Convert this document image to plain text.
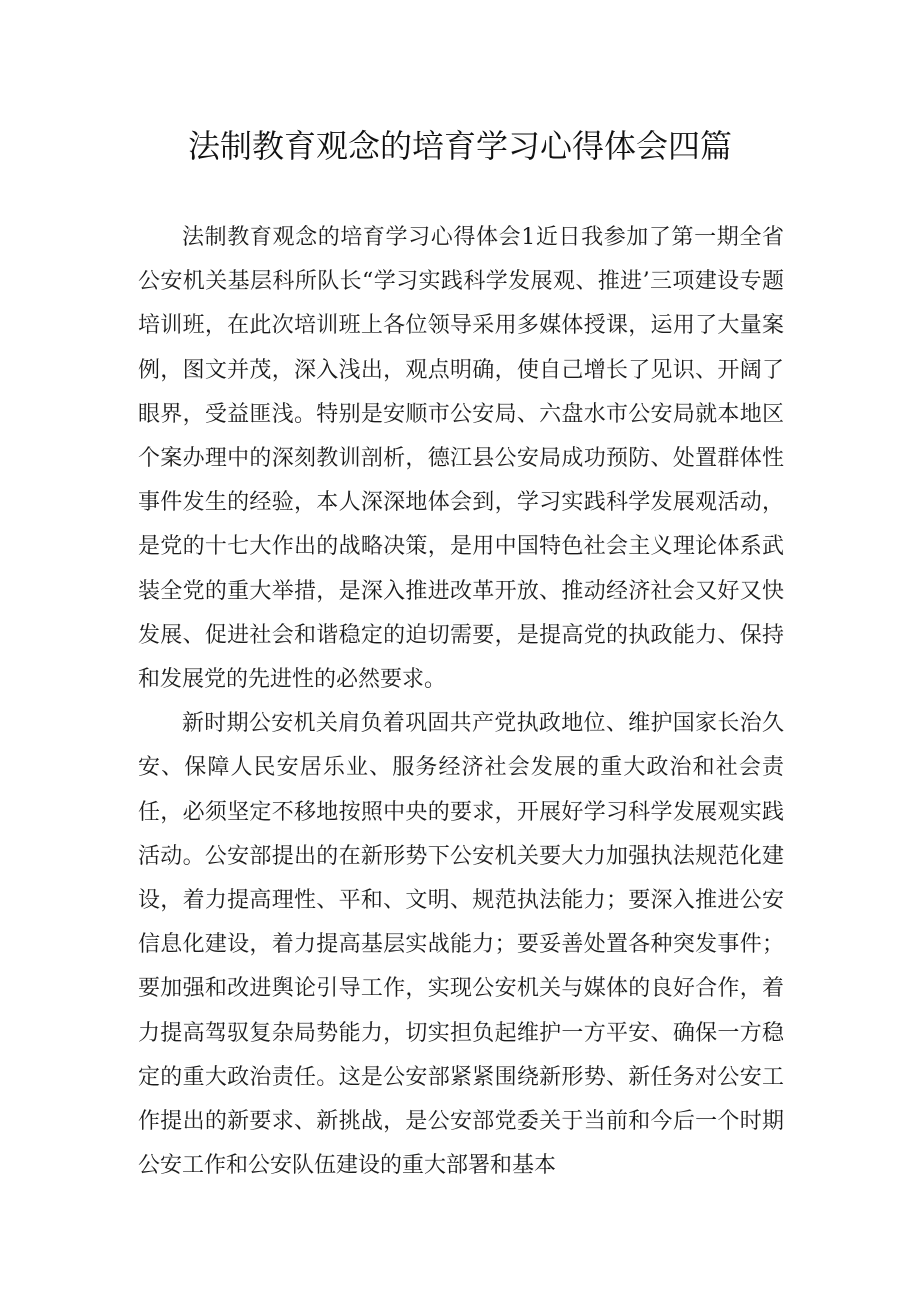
法制教育观念的培育学习心得体会四篇

法制教育观念的培育学习心得体会1近日我参加了第一期全省公安机关基层科所队长“学习实践科学发展观、推进’三项建设专题培训班，在此次培训班上各位领导采用多媒体授课，运用了大量案例，图文并茂，深入浅出，观点明确，使自己增长了见识、开阔了眼界，受益匪浅。特别是安顺市公安局、六盘水市公安局就本地区个案办理中的深刻教训剖析，德江县公安局成功预防、处置群体性事件发生的经验，本人深深地体会到，学习实践科学发展观活动，是党的十七大作出的战略决策，是用中国特色社会主义理论体系武装全党的重大举措，是深入推进改革开放、推动经济社会又好又快发展、促进社会和谐稳定的迫切需要，是提高党的执政能力、保持和发展党的先进性的必然要求。

新时期公安机关肩负着巩固共产党执政地位、维护国家长治久安、保障人民安居乐业、服务经济社会发展的重大政治和社会责任，必须坚定不移地按照中央的要求，开展好学习科学发展观实践活动。公安部提出的在新形势下公安机关要大力加强执法规范化建设，着力提高理性、平和、文明、规范执法能力；要深入推进公安信息化建设，着力提高基层实战能力；要妥善处置各种突发事件；要加强和改进舆论引导工作，实现公安机关与媒体的良好合作，着力提高驾驭复杂局势能力，切实担负起维护一方平安、确保一方稳定的重大政治责任。这是公安部紧紧围绕新形势、新任务对公安工作提出的新要求、新挑战，是公安部党委关于当前和今后一个时期公安工作和公安队伍建设的重大部署和基本
